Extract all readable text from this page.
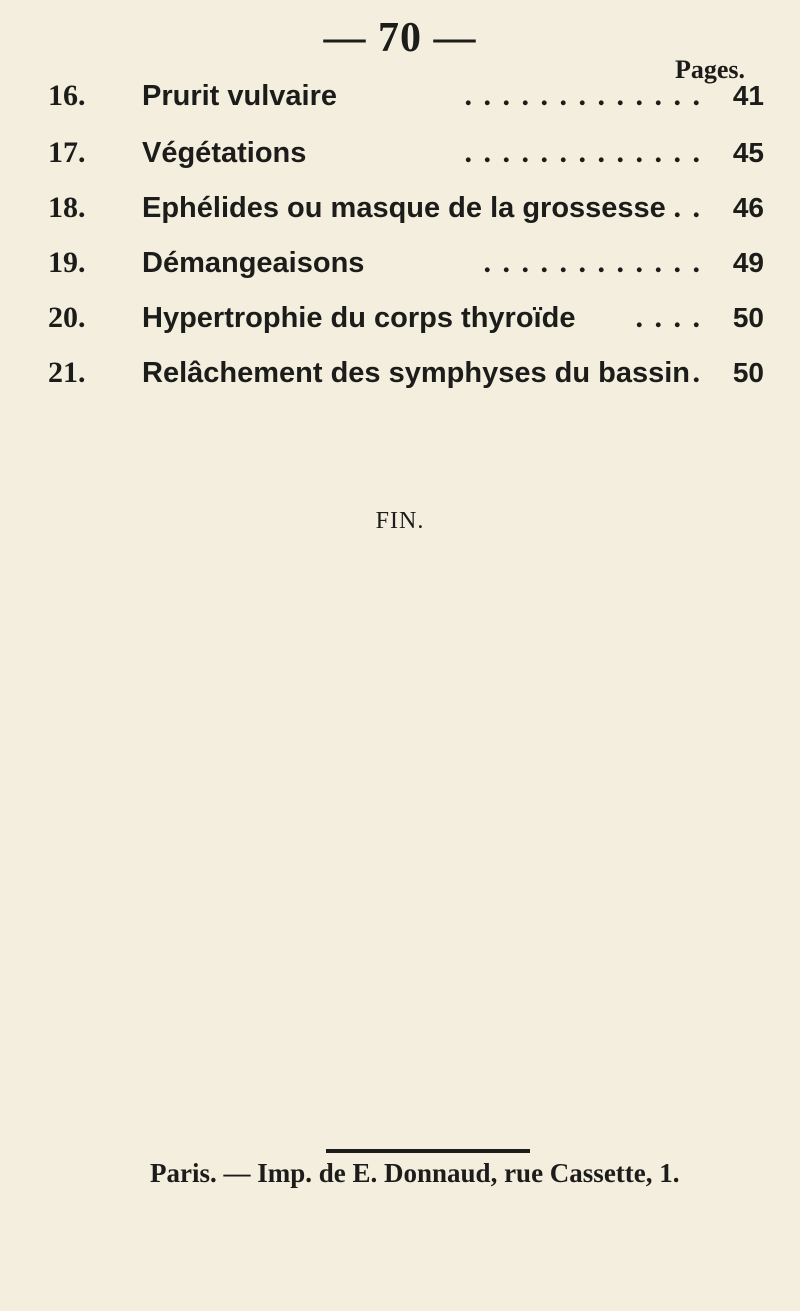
— 70 —
Pages.
16. Prurit vulvaire	. . . . . . . . . . . . . 41
17. Végétations	. . . . . . . . . . . . . 45
18. Ephélides ou masque de la grossesse . . 46
19. Démangeaisons	. . . . . . . . . . . . 49
20. Hypertrophie du corps thyroïde . . . . 50
21. Relâchement des symphyses du bassin . 50
FIN.
Paris. — Imp. de E. Donnaud, rue Cassette, 1.
